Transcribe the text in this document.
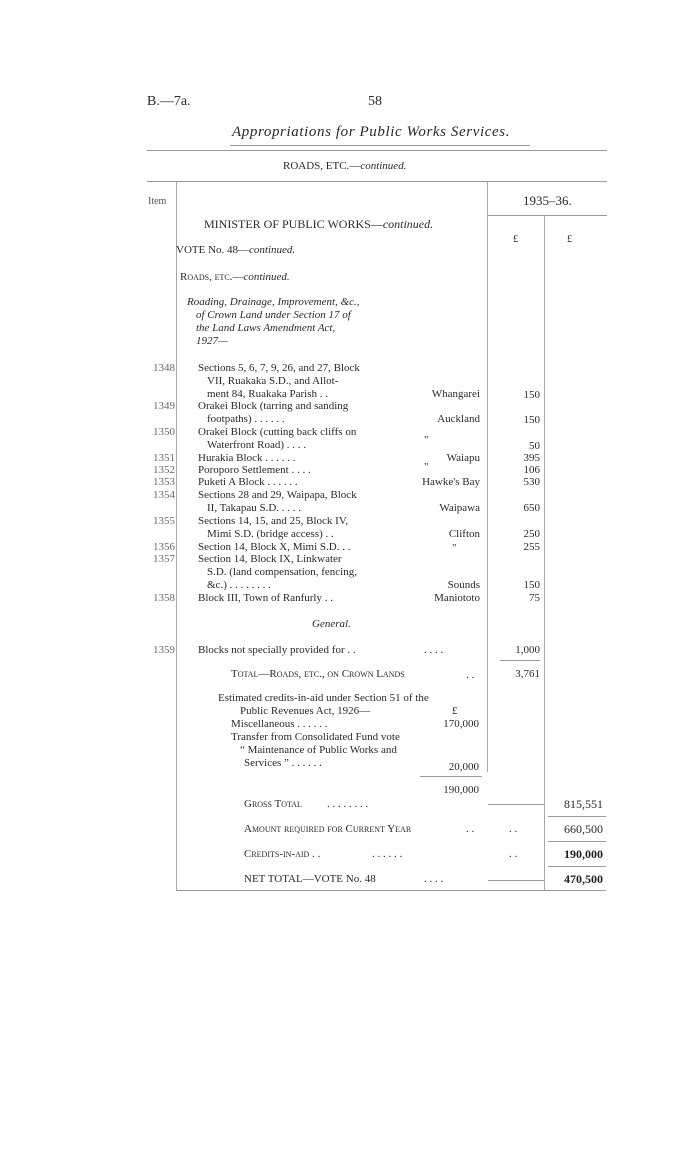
B.—7a.	58
Appropriations for Public Works Services.
ROADS, ETC.—continued.
Item	1935–36.
£	£
MINISTER OF PUBLIC WORKS—continued.
VOTE No. 48—continued.
Roads, etc.—continued.
Roading, Drainage, Improvement, &c.,
of Crown Land under Section 17 of
the Land Laws Amendment Act,
1927—
1348 Sections 5, 6, 7, 9, 26, and 27, Block
VII, Ruakaka S.D., and Allot-
ment 84, Ruakaka Parish . .	Whangarei	150
1349 Orakei Block (tarring and sanding
footpaths) . . . . . .	Auckland	150
1350 Orakei Block (cutting back cliffs on
Waterfront Road) . . . .	"	50
1351 Hurakia Block . . . . . .	Waiapu	395
1352 Poroporo Settlement . . . .	"	106
1353 Puketi A Block . . . . . .	Hawke's Bay	530
1354 Sections 28 and 29, Waipapa, Block
II, Takapau S.D. . . . .	Waipawa	650
1355 Sections 14, 15, and 25, Block IV,
Mimi S.D. (bridge access) . .	Clifton	250
1356 Section 14, Block X, Mimi S.D. . .	"	255
1357 Section 14, Block IX, Linkwater
S.D. (land compensation, fencing,
&c.) . . . . . . . .	Sounds	150
1358 Block III, Town of Ranfurly . .	Maniototo	75
General.
1359 Blocks not specially provided for . .	. . . .	1,000
Total—Roads, etc., on Crown Lands	. .	3,761
Estimated credits-in-aid under Section 51 of the
Public Revenues Act, 1926—	£
Miscellaneous . . . . . .	170,000
Transfer from Consolidated Fund vote
“ Maintenance of Public Works and
Services ” . . . . . .	20,000
190,000
Gross Total . . . . . . . .	815,551
Amount required for Current Year	. .	. .	660,500
Credits-in-aid . .	. . . . . .	. .	190,000
NET TOTAL—VOTE No. 48	. . . .	470,500
